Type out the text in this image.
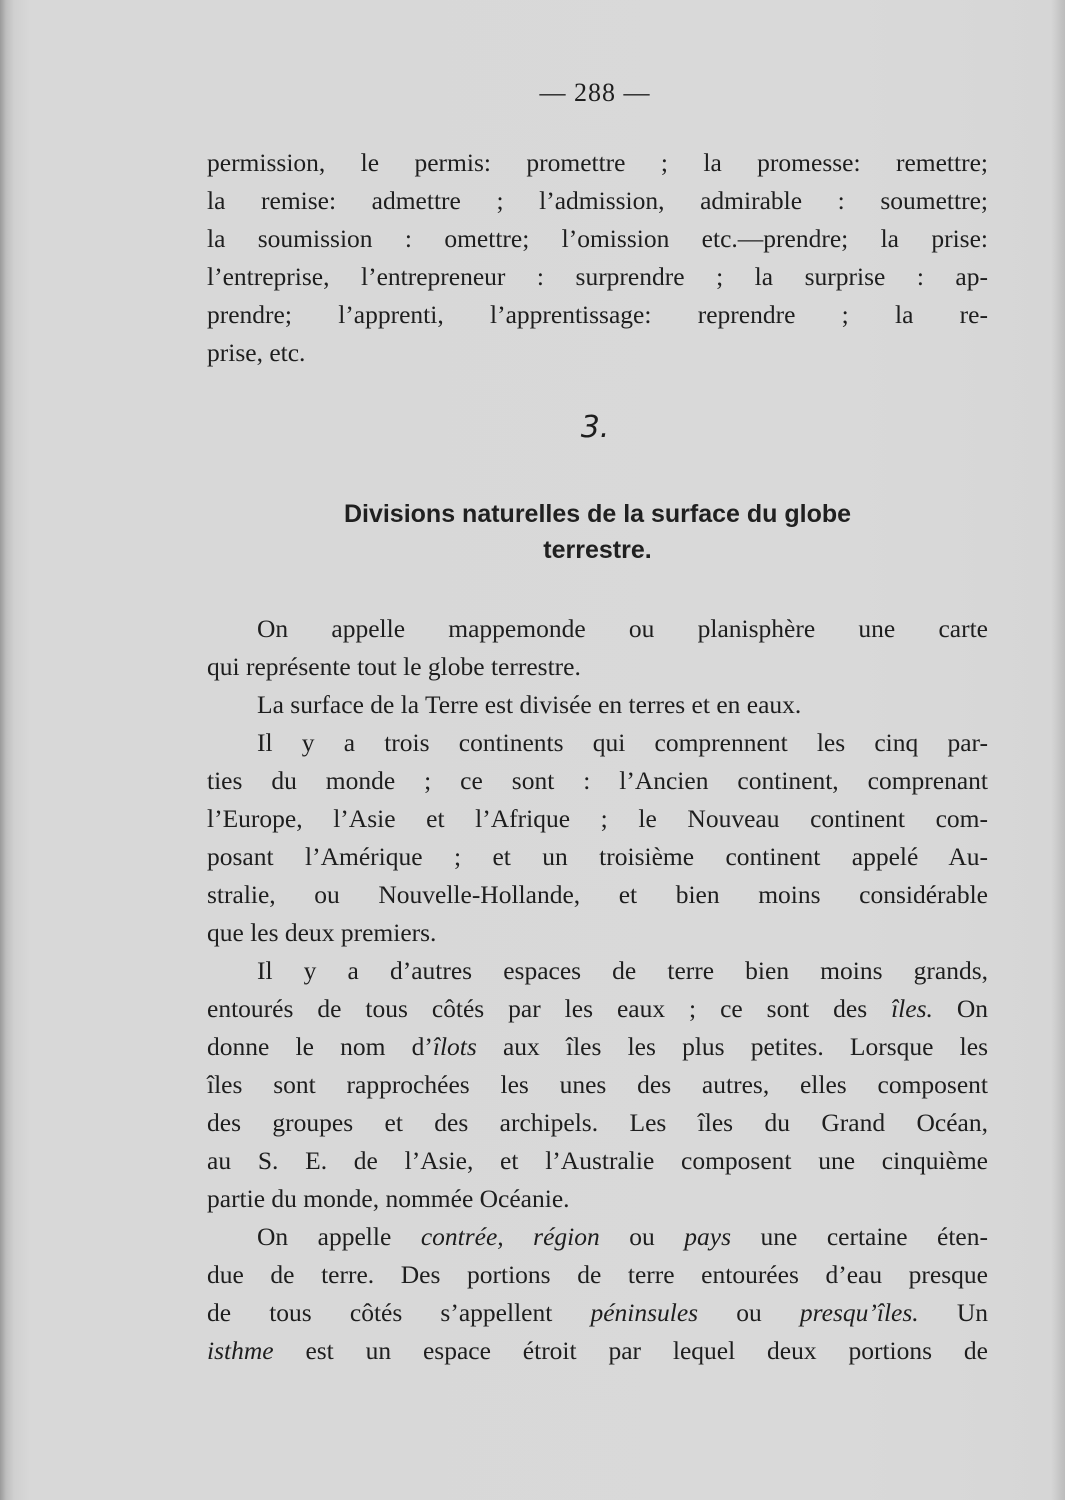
— 288 —
permission, le permis: promettre ; la promesse: remettre;
la remise: admettre ; l’admission, admirable : soumettre;
la soumission : omettre; l’omission etc.—prendre; la prise:
l’entreprise, l’entrepreneur : surprendre ; la surprise : ap-
prendre; l’apprenti, l’apprentissage: reprendre ; la re-
prise, etc.
3.
Divisions naturelles de la surface du globe
terrestre.
On appelle mappemonde ou planisphère une carte
qui représente tout le globe terrestre.
La surface de la Terre est divisée en terres et en eaux.
Il y a trois continents qui comprennent les cinq par-
ties du monde ; ce sont : l’Ancien continent, comprenant
l’Europe, l’Asie et l’Afrique ; le Nouveau continent com-
posant l’Amérique ; et un troisième continent appelé Au-
stralie, ou Nouvelle-Hollande, et bien moins considérable
que les deux premiers.
Il y a d’autres espaces de terre bien moins grands,
entourés de tous côtés par les eaux ; ce sont des îles. On
donne le nom d’îlots aux îles les plus petites. Lorsque les
îles sont rapprochées les unes des autres, elles composent
des groupes et des archipels. Les îles du Grand Océan,
au S. E. de l’Asie, et l’Australie composent une cinquième
partie du monde, nommée Océanie.
On appelle contrée, région ou pays une certaine éten-
due de terre. Des portions de terre entourées d’eau presque
de tous côtés s’appellent péninsules ou presqu’îles. Un
isthme est un espace étroit par lequel deux portions de
